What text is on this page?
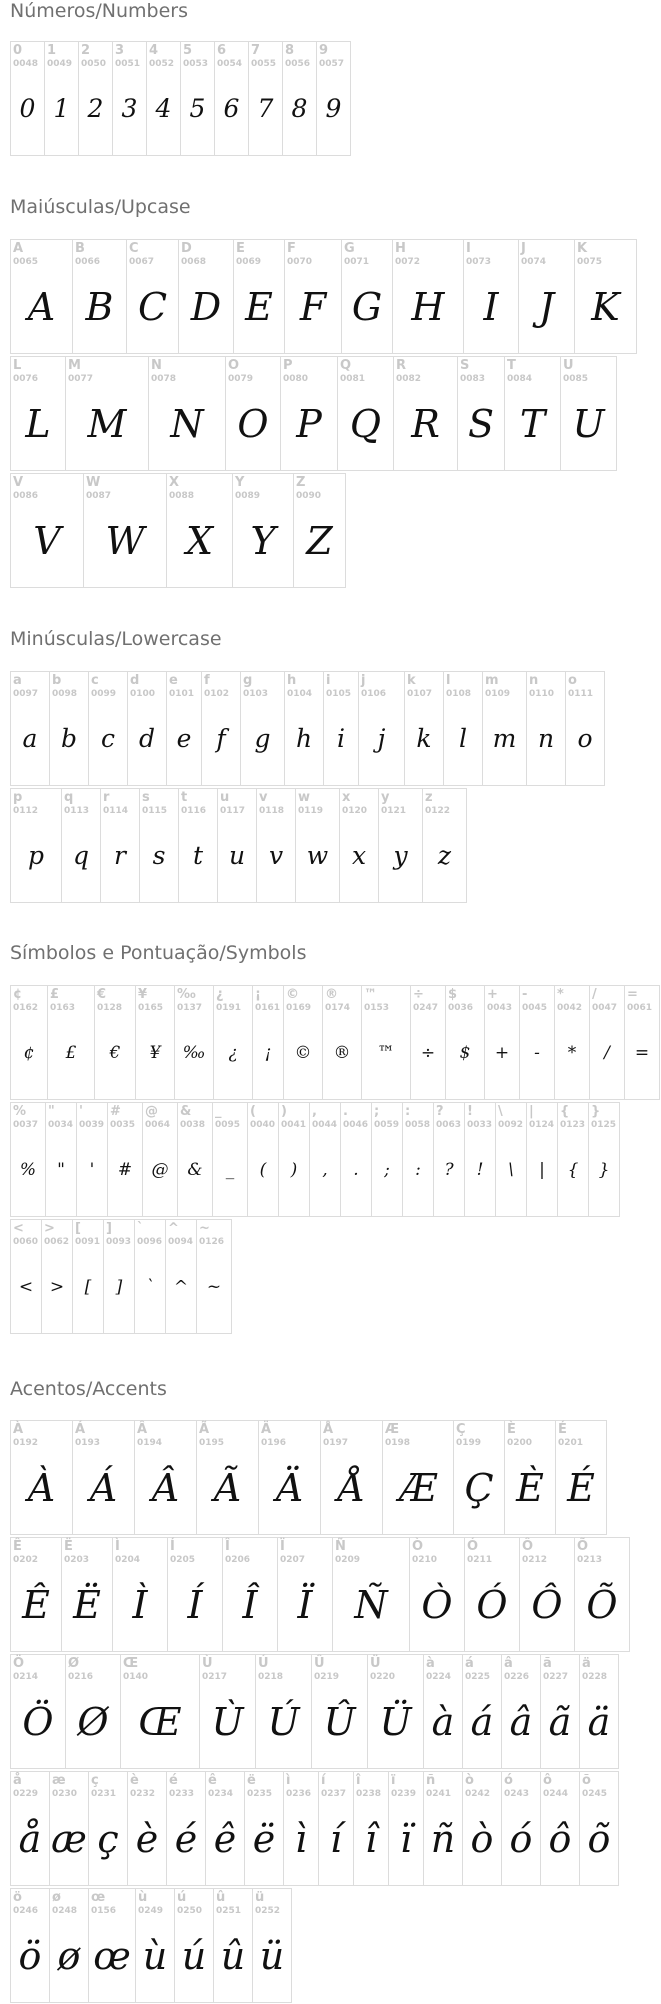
Números/Numbers
0
0048
0
1
0049
1
2
0050
2
3
0051
3
4
0052
4
5
0053
5
6
0054
6
7
0055
7
8
0056
8
9
0057
9
Maiúsculas/Upcase
A
0065
A
B
0066
B
C
0067
C
D
0068
D
E
0069
E
F
0070
F
G
0071
G
H
0072
H
I
0073
I
J
0074
J
K
0075
K
L
0076
L
M
0077
M
N
0078
N
O
0079
O
P
0080
P
Q
0081
Q
R
0082
R
S
0083
S
T
0084
T
U
0085
U
V
0086
V
W
0087
W
X
0088
X
Y
0089
Y
Z
0090
Z
Minúsculas/Lowercase
a
0097
a
b
0098
b
c
0099
c
d
0100
d
e
0101
e
f
0102
f
g
0103
g
h
0104
h
i
0105
i
j
0106
j
k
0107
k
l
0108
l
m
0109
m
n
0110
n
o
0111
o
p
0112
p
q
0113
q
r
0114
r
s
0115
s
t
0116
t
u
0117
u
v
0118
v
w
0119
w
x
0120
x
y
0121
y
z
0122
z
Símbolos e Pontuação/Symbols
¢
0162
¢
£
0163
£
€
0128
€
¥
0165
¥
‰
0137
‰
¿
0191
¿
¡
0161
¡
©
0169
©
®
0174
®
™
0153
™
÷
0247
÷
$
0036
$
+
0043
+
-
0045
-
*
0042
*
/
0047
/
=
0061
=
%
0037
%
"
0034
"
'
0039
'
#
0035
#
@
0064
@
&
0038
&
_
0095
_
(
0040
(
)
0041
)
,
0044
,
.
0046
.
;
0059
;
:
0058
:
?
0063
?
!
0033
!
\
0092
\
|
0124
|
{
0123
{
}
0125
}
<
0060
<
>
0062
>
[
0091
[
]
0093
]
`
0096
`
^
0094
^
~
0126
~
Acentos/Accents
À
0192
À
Á
0193
Á
Â
0194
Â
Ã
0195
Ã
Ä
0196
Ä
Å
0197
Å
Æ
0198
Æ
Ç
0199
Ç
È
0200
È
É
0201
É
Ê
0202
Ê
Ë
0203
Ë
Ì
0204
Ì
Í
0205
Í
Î
0206
Î
Ï
0207
Ï
Ñ
0209
Ñ
Ò
0210
Ò
Ó
0211
Ó
Ô
0212
Ô
Õ
0213
Õ
Ö
0214
Ö
Ø
0216
Ø
Œ
0140
Œ
Ù
0217
Ù
Ú
0218
Ú
Û
0219
Û
Ü
0220
Ü
à
0224
à
á
0225
á
â
0226
â
ã
0227
ã
ä
0228
ä
å
0229
å
æ
0230
æ
ç
0231
ç
è
0232
è
é
0233
é
ê
0234
ê
ë
0235
ë
ì
0236
ì
í
0237
í
î
0238
î
ï
0239
ï
ñ
0241
ñ
ò
0242
ò
ó
0243
ó
ô
0244
ô
õ
0245
õ
ö
0246
ö
ø
0248
ø
œ
0156
œ
ù
0249
ù
ú
0250
ú
û
0251
û
ü
0252
ü
